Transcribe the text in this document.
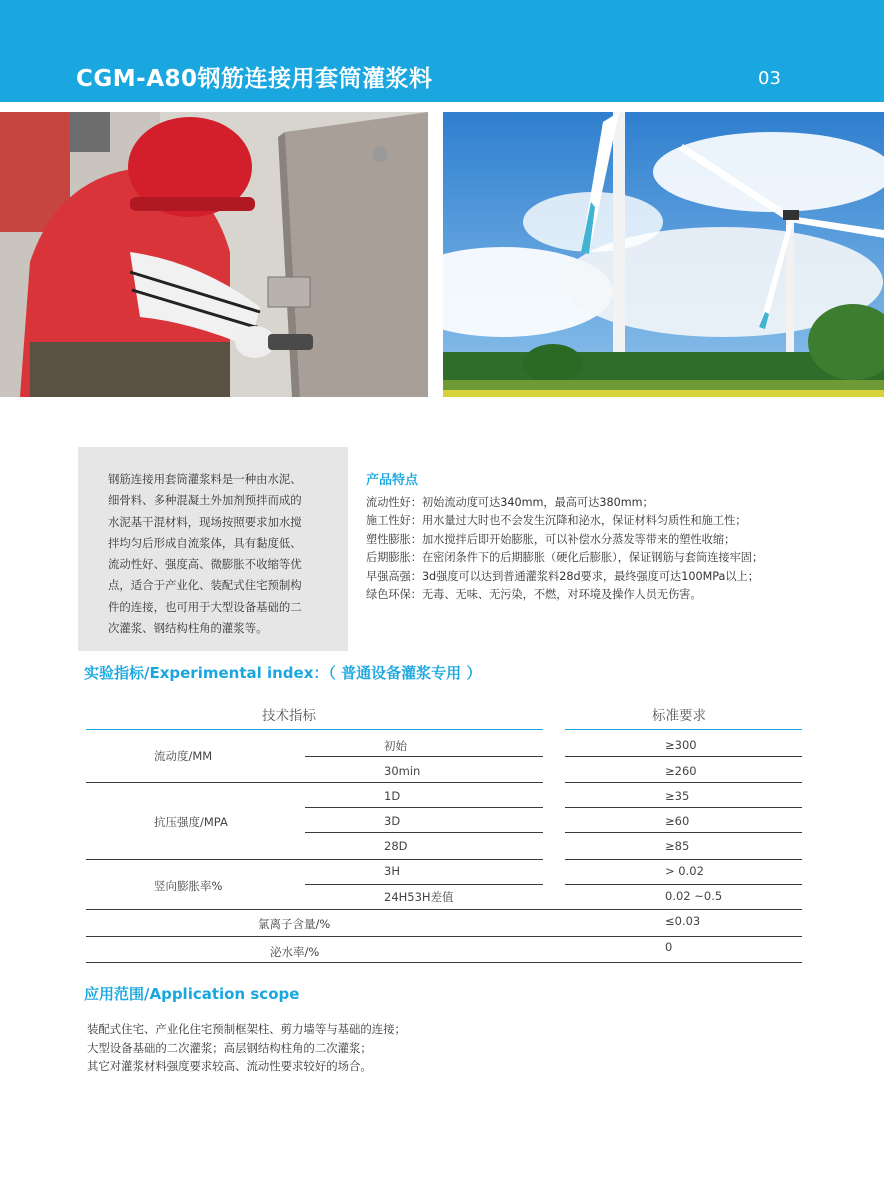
CGM-A80钢筋连接用套筒灌浆料	03
钢筋连接用套筒灌浆料是一种由水泥、
细骨料、多种混凝土外加剂预拌而成的
水泥基干混材料，现场按照要求加水搅
拌均匀后形成自流浆体，具有黏度低、
流动性好、强度高、微膨胀不收缩等优
点，适合于产业化、装配式住宅预制构
件的连接，也可用于大型设备基础的二
次灌浆、钢结构柱角的灌浆等。
产品特点
流动性好：初始流动度可达340mm，最高可达380mm；
施工性好：用水量过大时也不会发生沉降和泌水，保证材料匀质性和施工性；
塑性膨胀：加水搅拌后即开始膨胀，可以补偿水分蒸发等带来的塑性收缩；
后期膨胀：在密闭条件下的后期膨胀（硬化后膨胀），保证钢筋与套筒连接牢固；
早强高强：3d强度可以达到普通灌浆料28d要求，最终强度可达100MPa以上；
绿色环保：无毒、无味、无污染，不燃，对环境及操作人员无伤害。
实验指标/Experimental index：（ 普通设备灌浆专用 ）
技术指标	标准要求
流动度/MM
初始	≥300
30min	≥260
抗压强度/MPA
1D	≥35
3D	≥60
28D	≥85
竖向膨胀率%
3H	> 0.02
24H53H差值	0.02 ~0.5
氯离子含量/%	≤0.03
泌水率/%	0
应用范围/Application scope
装配式住宅、产业化住宅预制框架柱、剪力墙等与基础的连接；
大型设备基础的二次灌浆；高层钢结构柱角的二次灌浆；
其它对灌浆材料强度要求较高、流动性要求较好的场合。
